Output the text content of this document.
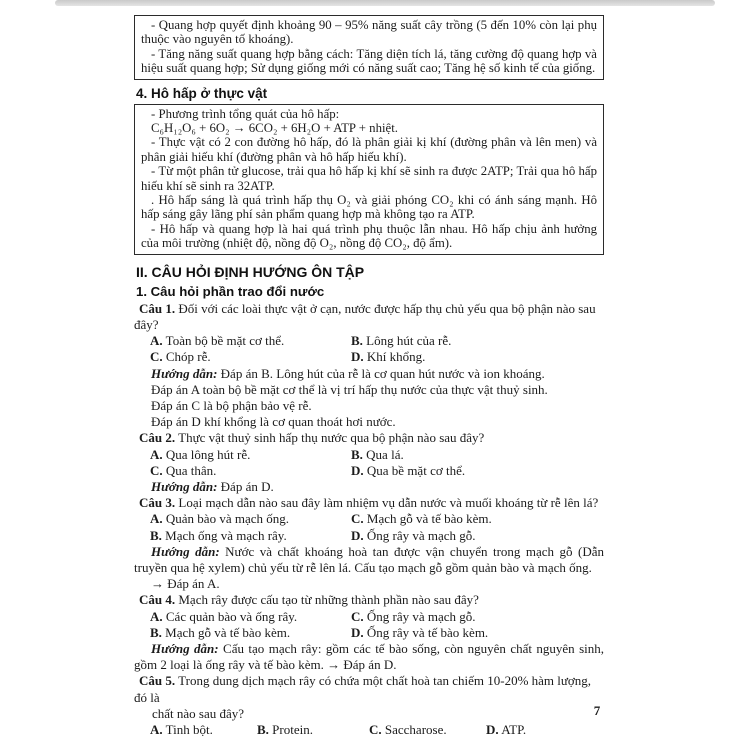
- Quang hợp quyết định khoảng 90 – 95% năng suất cây trồng (5 đến 10% còn lại phụ thuộc vào nguyên tố khoáng).

- Tăng năng suất quang hợp bằng cách: Tăng diện tích lá, tăng cường độ quang hợp và hiệu suất quang hợp; Sử dụng giống mới có năng suất cao; Tăng hệ số kinh tế của giống.

4. Hô hấp ở thực vật

- Phương trình tổng quát của hô hấp:

C₆H₁₂O₆ + 6O₂ → 6CO₂ + 6H₂O + ATP + nhiệt.

- Thực vật có 2 con đường hô hấp, đó là phân giải kị khí (đường phân và lên men) và phân giải hiếu khí (đường phân và hô hấp hiếu khí).

- Từ một phân tử glucose, trải qua hô hấp kị khí sẽ sinh ra được 2ATP; Trải qua hô hấp hiếu khí sẽ sinh ra 32ATP.

. Hô hấp sáng là quá trình hấp thụ O₂ và giải phóng CO₂ khi có ánh sáng mạnh. Hô hấp sáng gây lãng phí sản phẩm quang hợp mà không tạo ra ATP.

- Hô hấp và quang hợp là hai quá trình phụ thuộc lẫn nhau. Hô hấp chịu ảnh hưởng của môi trường (nhiệt độ, nồng độ O₂, nồng độ CO₂, độ ẩm).

II. CÂU HỎI ĐỊNH HƯỚNG ÔN TẬP
1. Câu hỏi phần trao đổi nước

Câu 1. Đối với các loài thực vật ở cạn, nước được hấp thụ chủ yếu qua bộ phận nào sau đây?

A. Toàn bộ bề mặt cơ thể.	B. Lông hút của rễ.
C. Chóp rễ.	D. Khí khổng.

Hướng dẫn: Đáp án B. Lông hút của rễ là cơ quan hút nước và ion khoáng.

Đáp án A toàn bộ bề mặt cơ thể là vị trí hấp thụ nước của thực vật thuỷ sinh.

Đáp án C là bộ phận bảo vệ rễ.

Đáp án D khí khổng là cơ quan thoát hơi nước.

Câu 2. Thực vật thuỷ sinh hấp thụ nước qua bộ phận nào sau đây?

A. Qua lông hút rễ.	B. Qua lá.
C. Qua thân.	D. Qua bề mặt cơ thể.

Hướng dẫn: Đáp án D.

Câu 3. Loại mạch dẫn nào sau đây làm nhiệm vụ dẫn nước và muối khoáng từ rễ lên lá?

A. Quản bào và mạch ống.	C. Mạch gỗ và tế bào kèm.
B. Mạch ống và mạch rây.	D. Ống rây và mạch gỗ.

Hướng dẫn: Nước và chất khoáng hoà tan được vận chuyển trong mạch gỗ (Dẫn truyền qua hệ xylem) chủ yếu từ rễ lên lá. Cấu tạo mạch gỗ gồm quản bào và mạch ống.

→ Đáp án A.

Câu 4. Mạch rây được cấu tạo từ những thành phần nào sau đây?

A. Các quản bào và ống rây.	C. Ống rây và mạch gỗ.
B. Mạch gỗ và tế bào kèm.	D. Ống rây và tế bào kèm.

Hướng dẫn: Cấu tạo mạch rây: gồm các tế bào sống, còn nguyên chất nguyên sinh, gồm 2 loại là ống rây và tế bào kèm. → Đáp án D.

Câu 5. Trong dung dịch mạch rây có chứa một chất hoà tan chiếm 10-20% hàm lượng, đó là

chất nào sau đây?

A. Tinh bột.	B. Protein.	C. Saccharose.	D. ATP.
7
